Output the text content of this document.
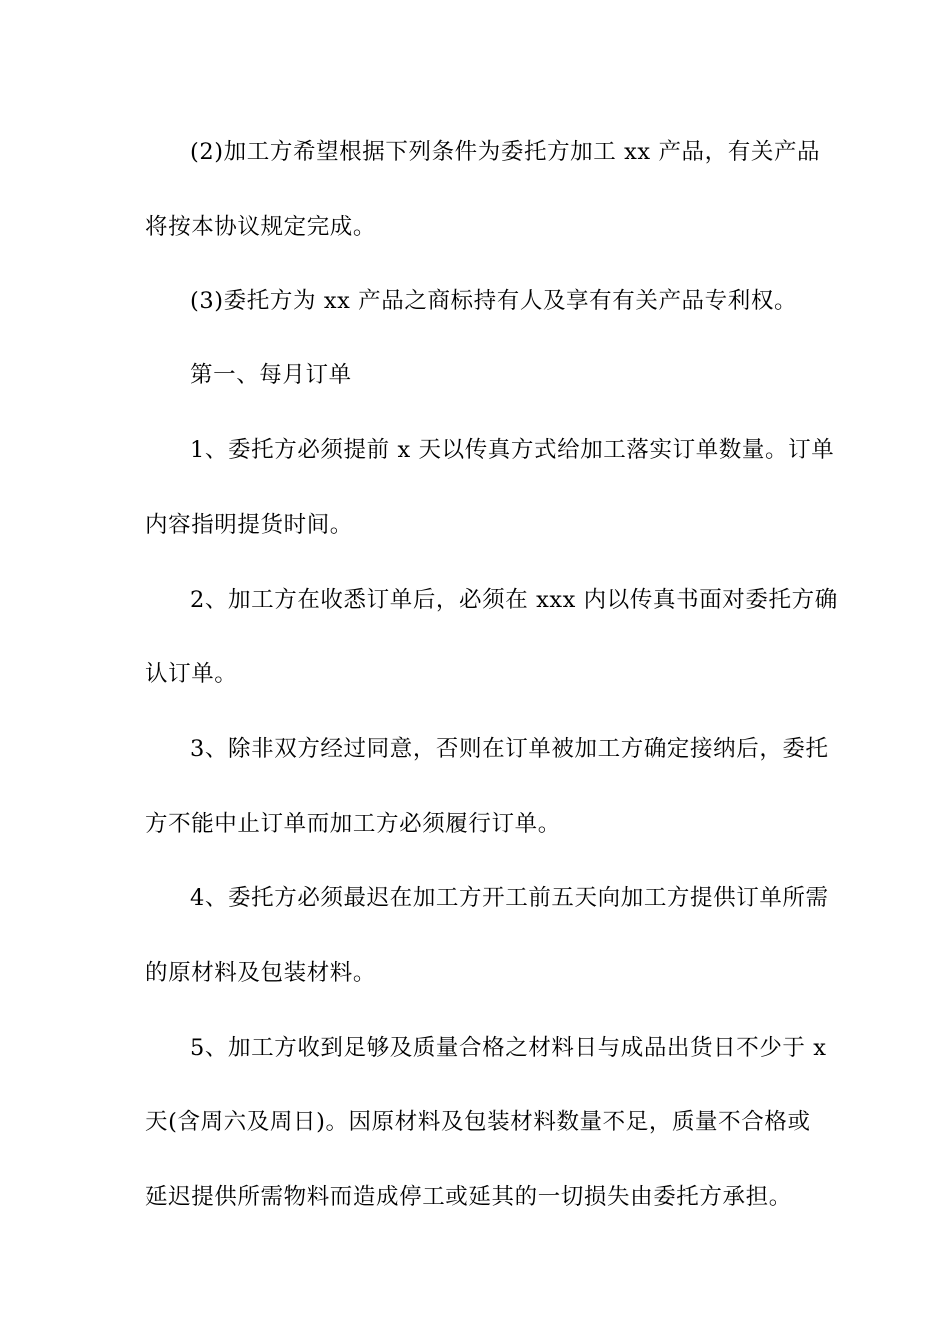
(2)加工方希望根据下列条件为委托方加工 xx 产品，有关产品
将按本协议规定完成。
(3)委托方为 xx 产品之商标持有人及享有有关产品专利权。
第一、每月订单
1、委托方必须提前 x 天以传真方式给加工落实订单数量。订单
内容指明提货时间。
2、加工方在收悉订单后，必须在 xxx 内以传真书面对委托方确
认订单。
3、除非双方经过同意，否则在订单被加工方确定接纳后，委托
方不能中止订单而加工方必须履行订单。
4、委托方必须最迟在加工方开工前五天向加工方提供订单所需
的原材料及包装材料。
5、加工方收到足够及质量合格之材料日与成品出货日不少于 x
天(含周六及周日)。因原材料及包装材料数量不足，质量不合格或
延迟提供所需物料而造成停工或延其的一切损失由委托方承担。
